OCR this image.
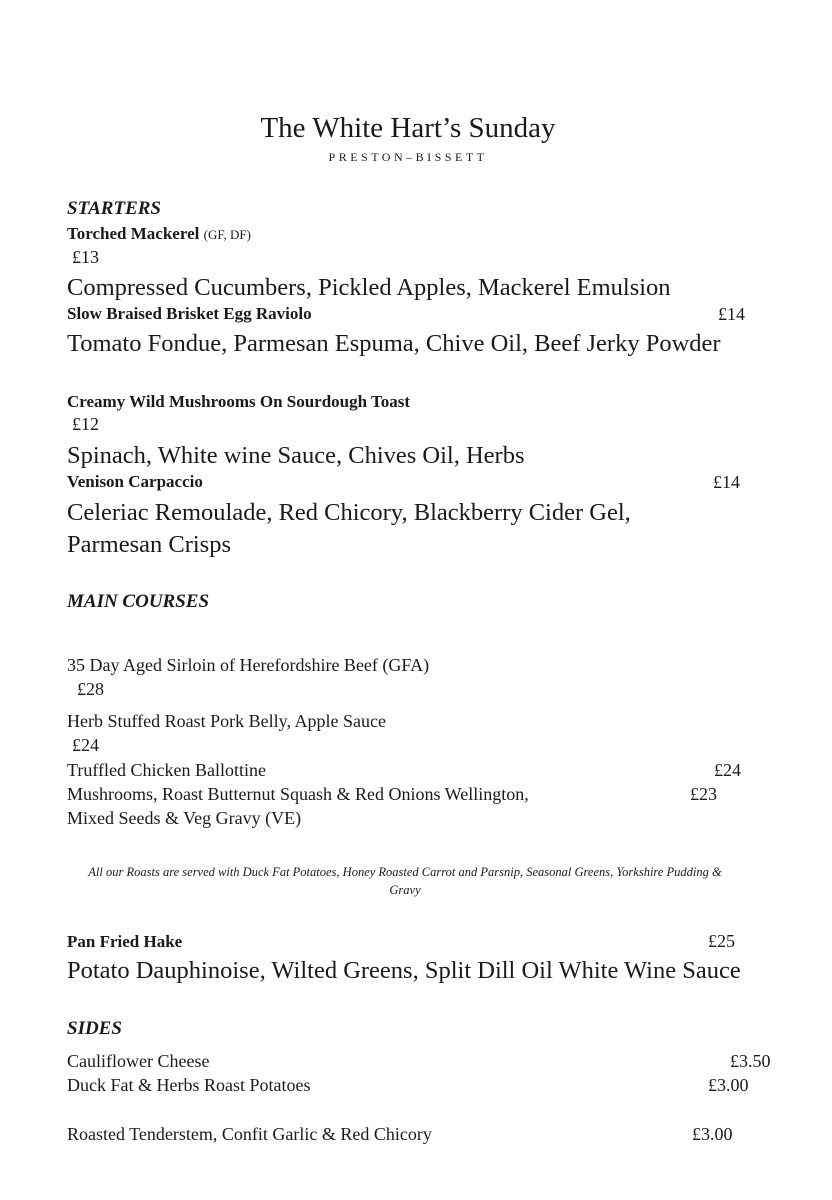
The White Hart’s Sunday
PRESTON–BISSETT
STARTERS
Torched Mackerel (GF, DF)
£13
Compressed Cucumbers, Pickled Apples, Mackerel Emulsion
Slow Braised Brisket Egg Raviolo	£14
Tomato Fondue, Parmesan Espuma, Chive Oil, Beef Jerky Powder
Creamy Wild Mushrooms On Sourdough Toast
£12
Spinach, White wine Sauce, Chives Oil, Herbs
Venison Carpaccio	£14
Celeriac Remoulade, Red Chicory, Blackberry Cider Gel, Parmesan Crisps
MAIN COURSES
35 Day Aged Sirloin of Herefordshire Beef (GFA)
£28
Herb Stuffed Roast Pork Belly, Apple Sauce
£24
Truffled Chicken Ballottine	£24
Mushrooms, Roast Butternut Squash & Red Onions Wellington,	£23
Mixed Seeds & Veg Gravy (VE)
All our Roasts are served with Duck Fat Potatoes, Honey Roasted Carrot and Parsnip, Seasonal Greens, Yorkshire Pudding & Gravy
Pan Fried Hake	£25
Potato Dauphinoise, Wilted Greens, Split Dill Oil White Wine Sauce
SIDES
Cauliflower Cheese	£3.50
Duck Fat & Herbs Roast Potatoes	£3.00
Roasted Tenderstem, Confit Garlic & Red Chicory	£3.00
